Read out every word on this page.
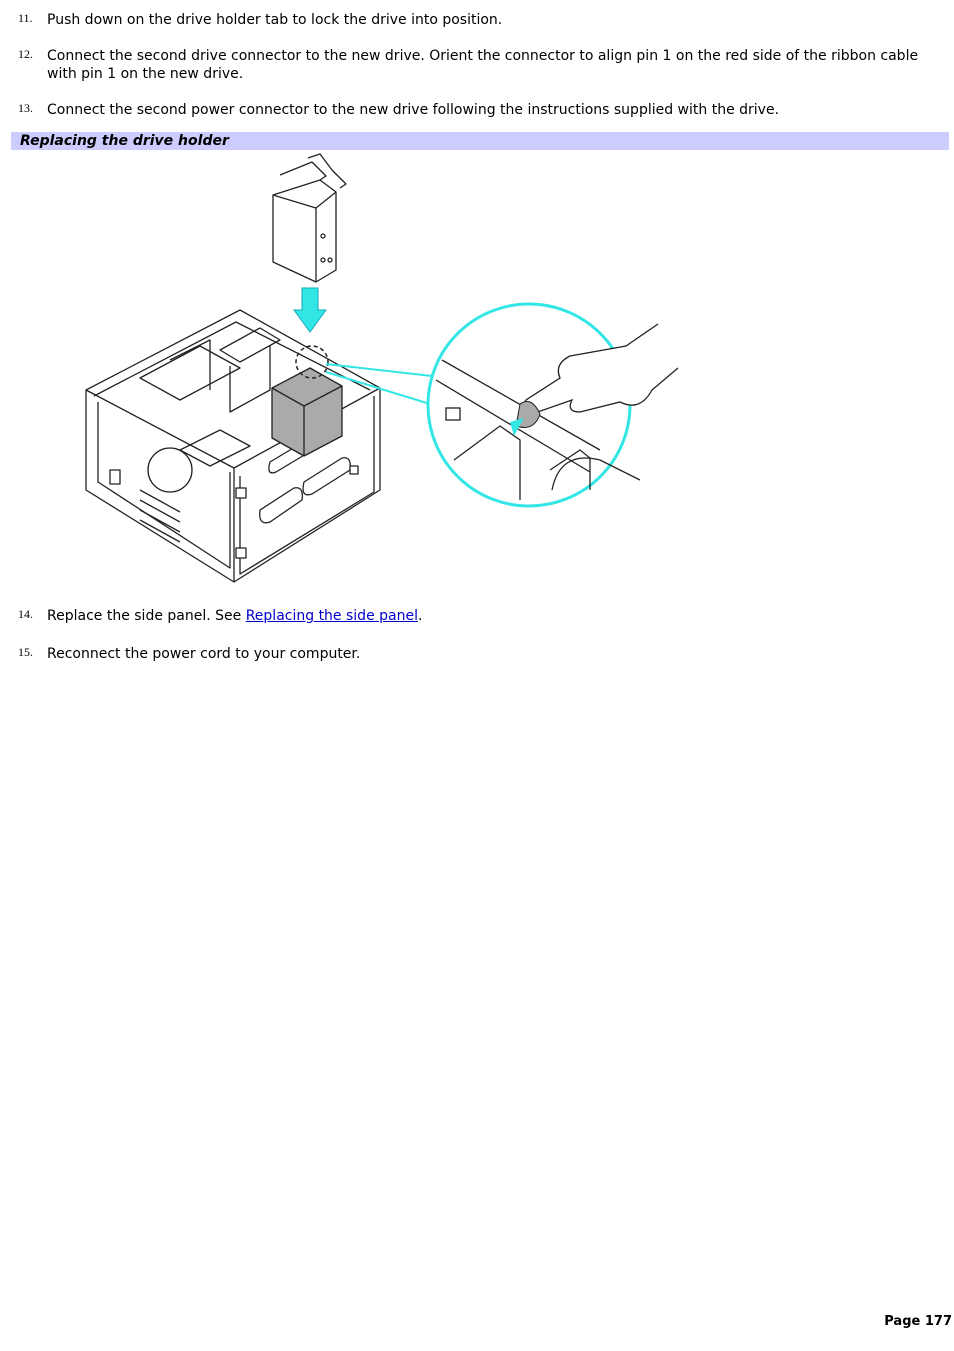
11. Push down on the drive holder tab to lock the drive into position.
12. Connect the second drive connector to the new drive. Orient the connector to align pin 1 on the red side of the ribbon cable with pin 1 on the new drive.
13. Connect the second power connector to the new drive following the instructions supplied with the drive.
Replacing the drive holder
14. Replace the side panel. See Replacing the side panel.
15. Reconnect the power cord to your computer.
Page 177
